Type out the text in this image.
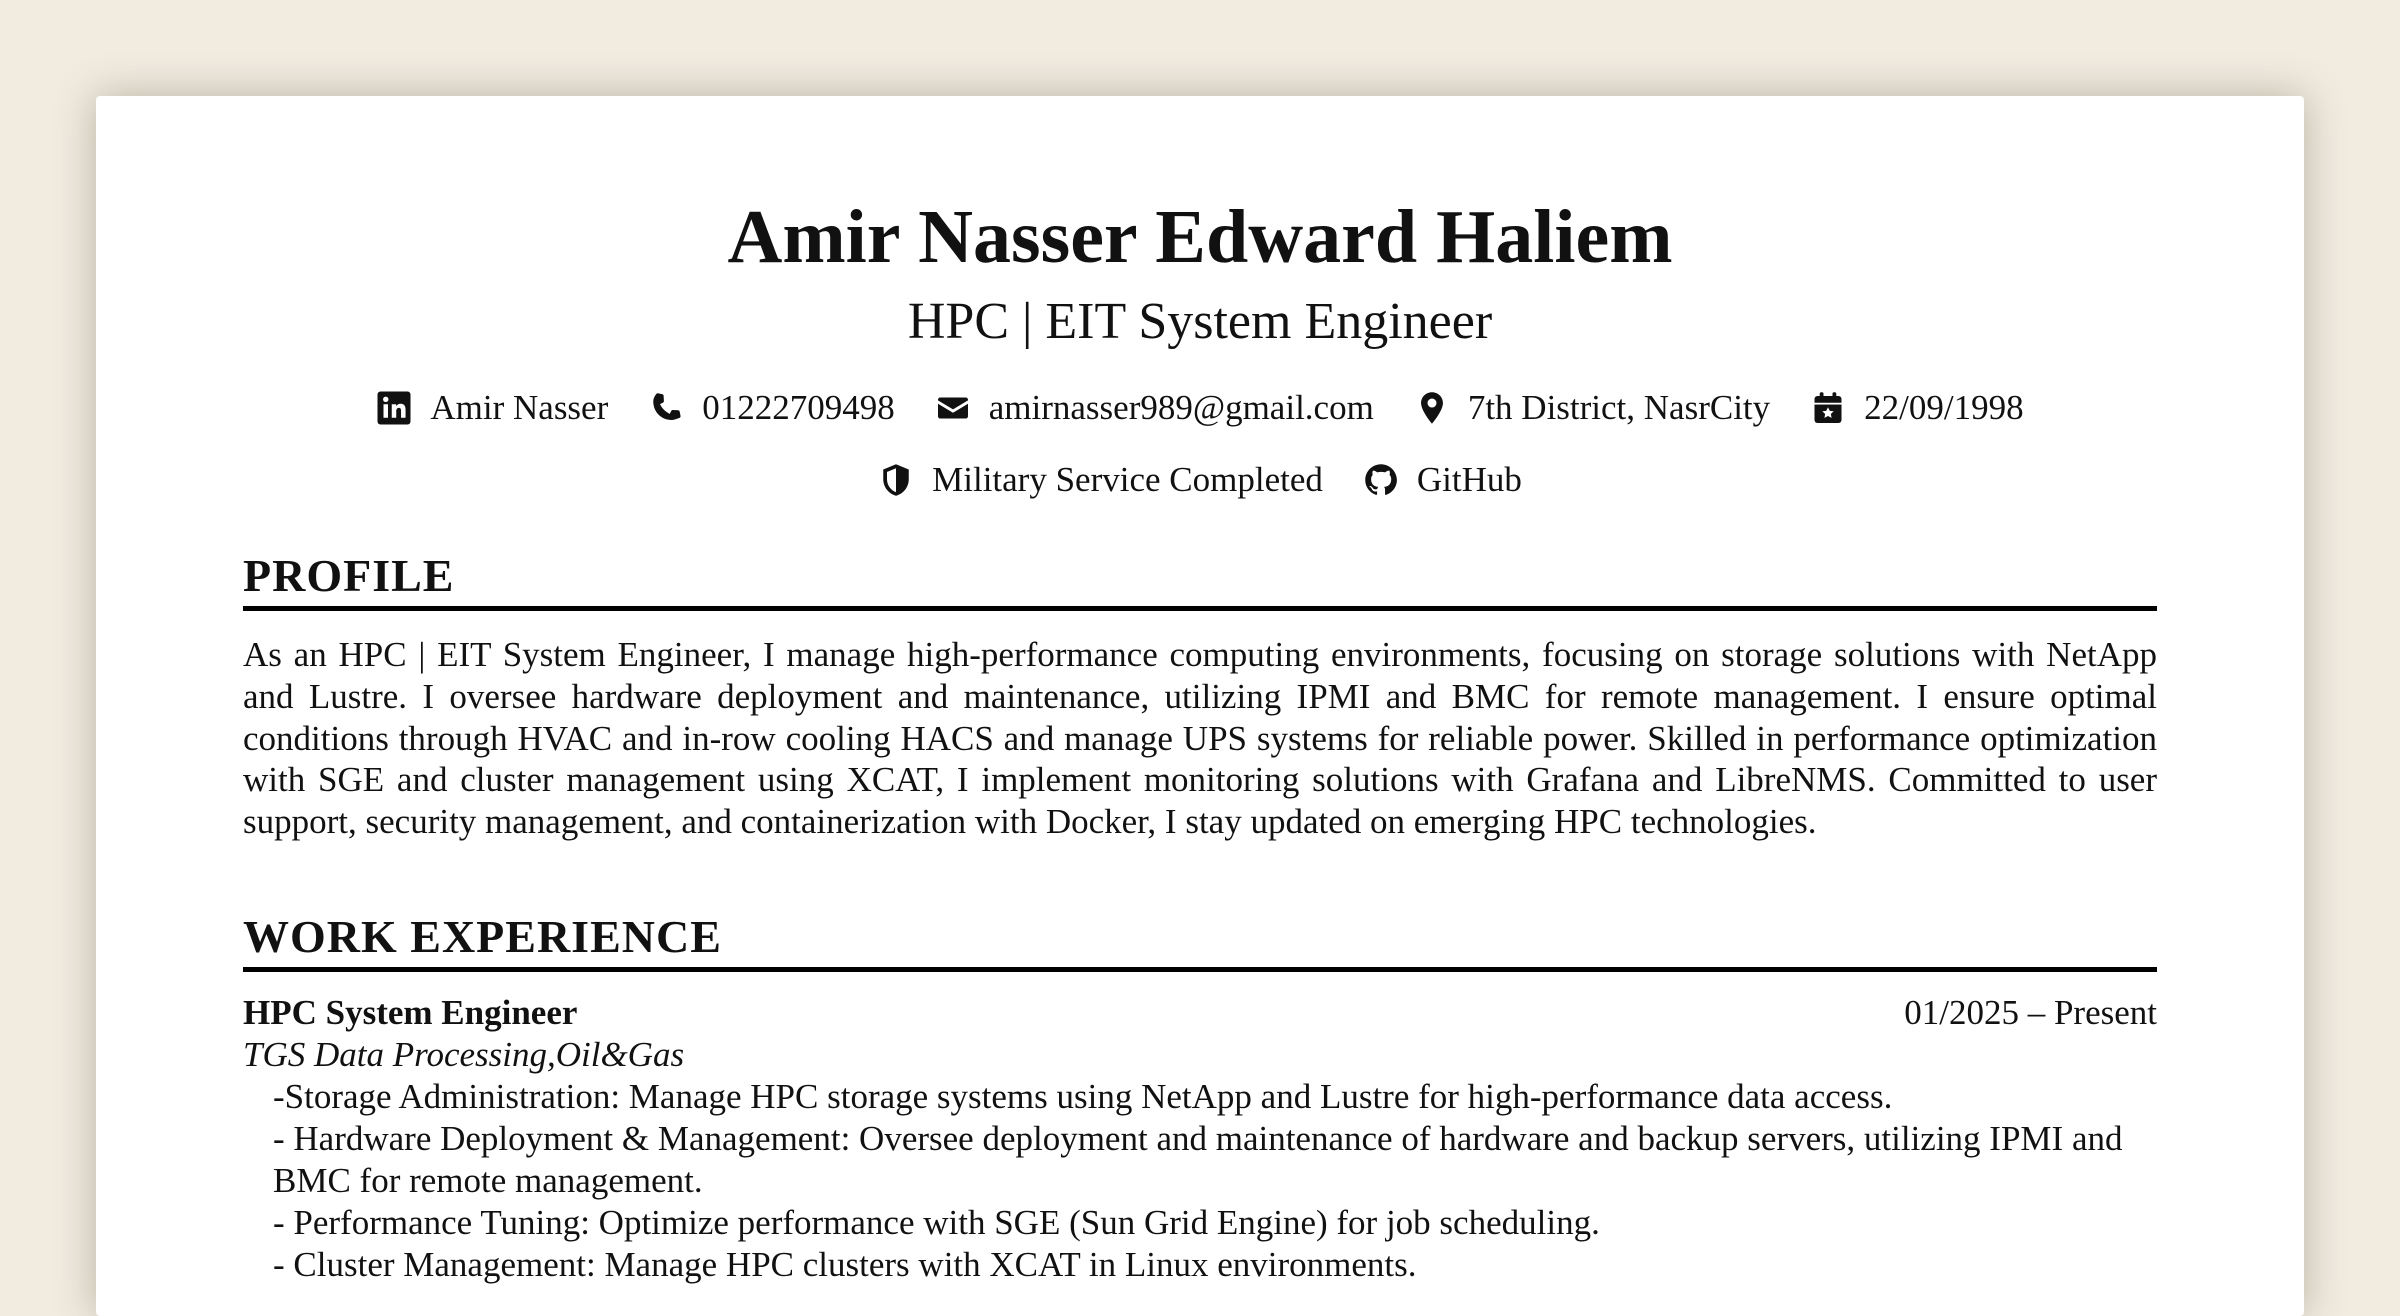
Amir Nasser Edward Haliem
HPC | EIT System Engineer
Amir Nasser	01222709498	amirnasser989@gmail.com	7th District, NasrCity	22/09/1998
Military Service Completed	GitHub
PROFILE
As an HPC | EIT System Engineer, I manage high-performance computing environments, focusing on storage solutions with NetApp and Lustre. I oversee hardware deployment and maintenance, utilizing IPMI and BMC for remote management. I ensure optimal conditions through HVAC and in-row cooling HACS and manage UPS systems for reliable power. Skilled in performance optimization with SGE and cluster management using XCAT, I implement monitoring solutions with Grafana and LibreNMS. Committed to user support, security management, and containerization with Docker, I stay updated on emerging HPC technologies.
WORK EXPERIENCE
HPC System Engineer	01/2025 – Present
TGS Data Processing,Oil&Gas

-Storage Administration: Manage HPC storage systems using NetApp and Lustre for high-performance data access.

- Hardware Deployment & Management: Oversee deployment and maintenance of hardware and backup servers, utilizing IPMI and BMC for remote management.

- Performance Tuning: Optimize performance with SGE (Sun Grid Engine) for job scheduling.

- Cluster Management: Manage HPC clusters with XCAT in Linux environments.
